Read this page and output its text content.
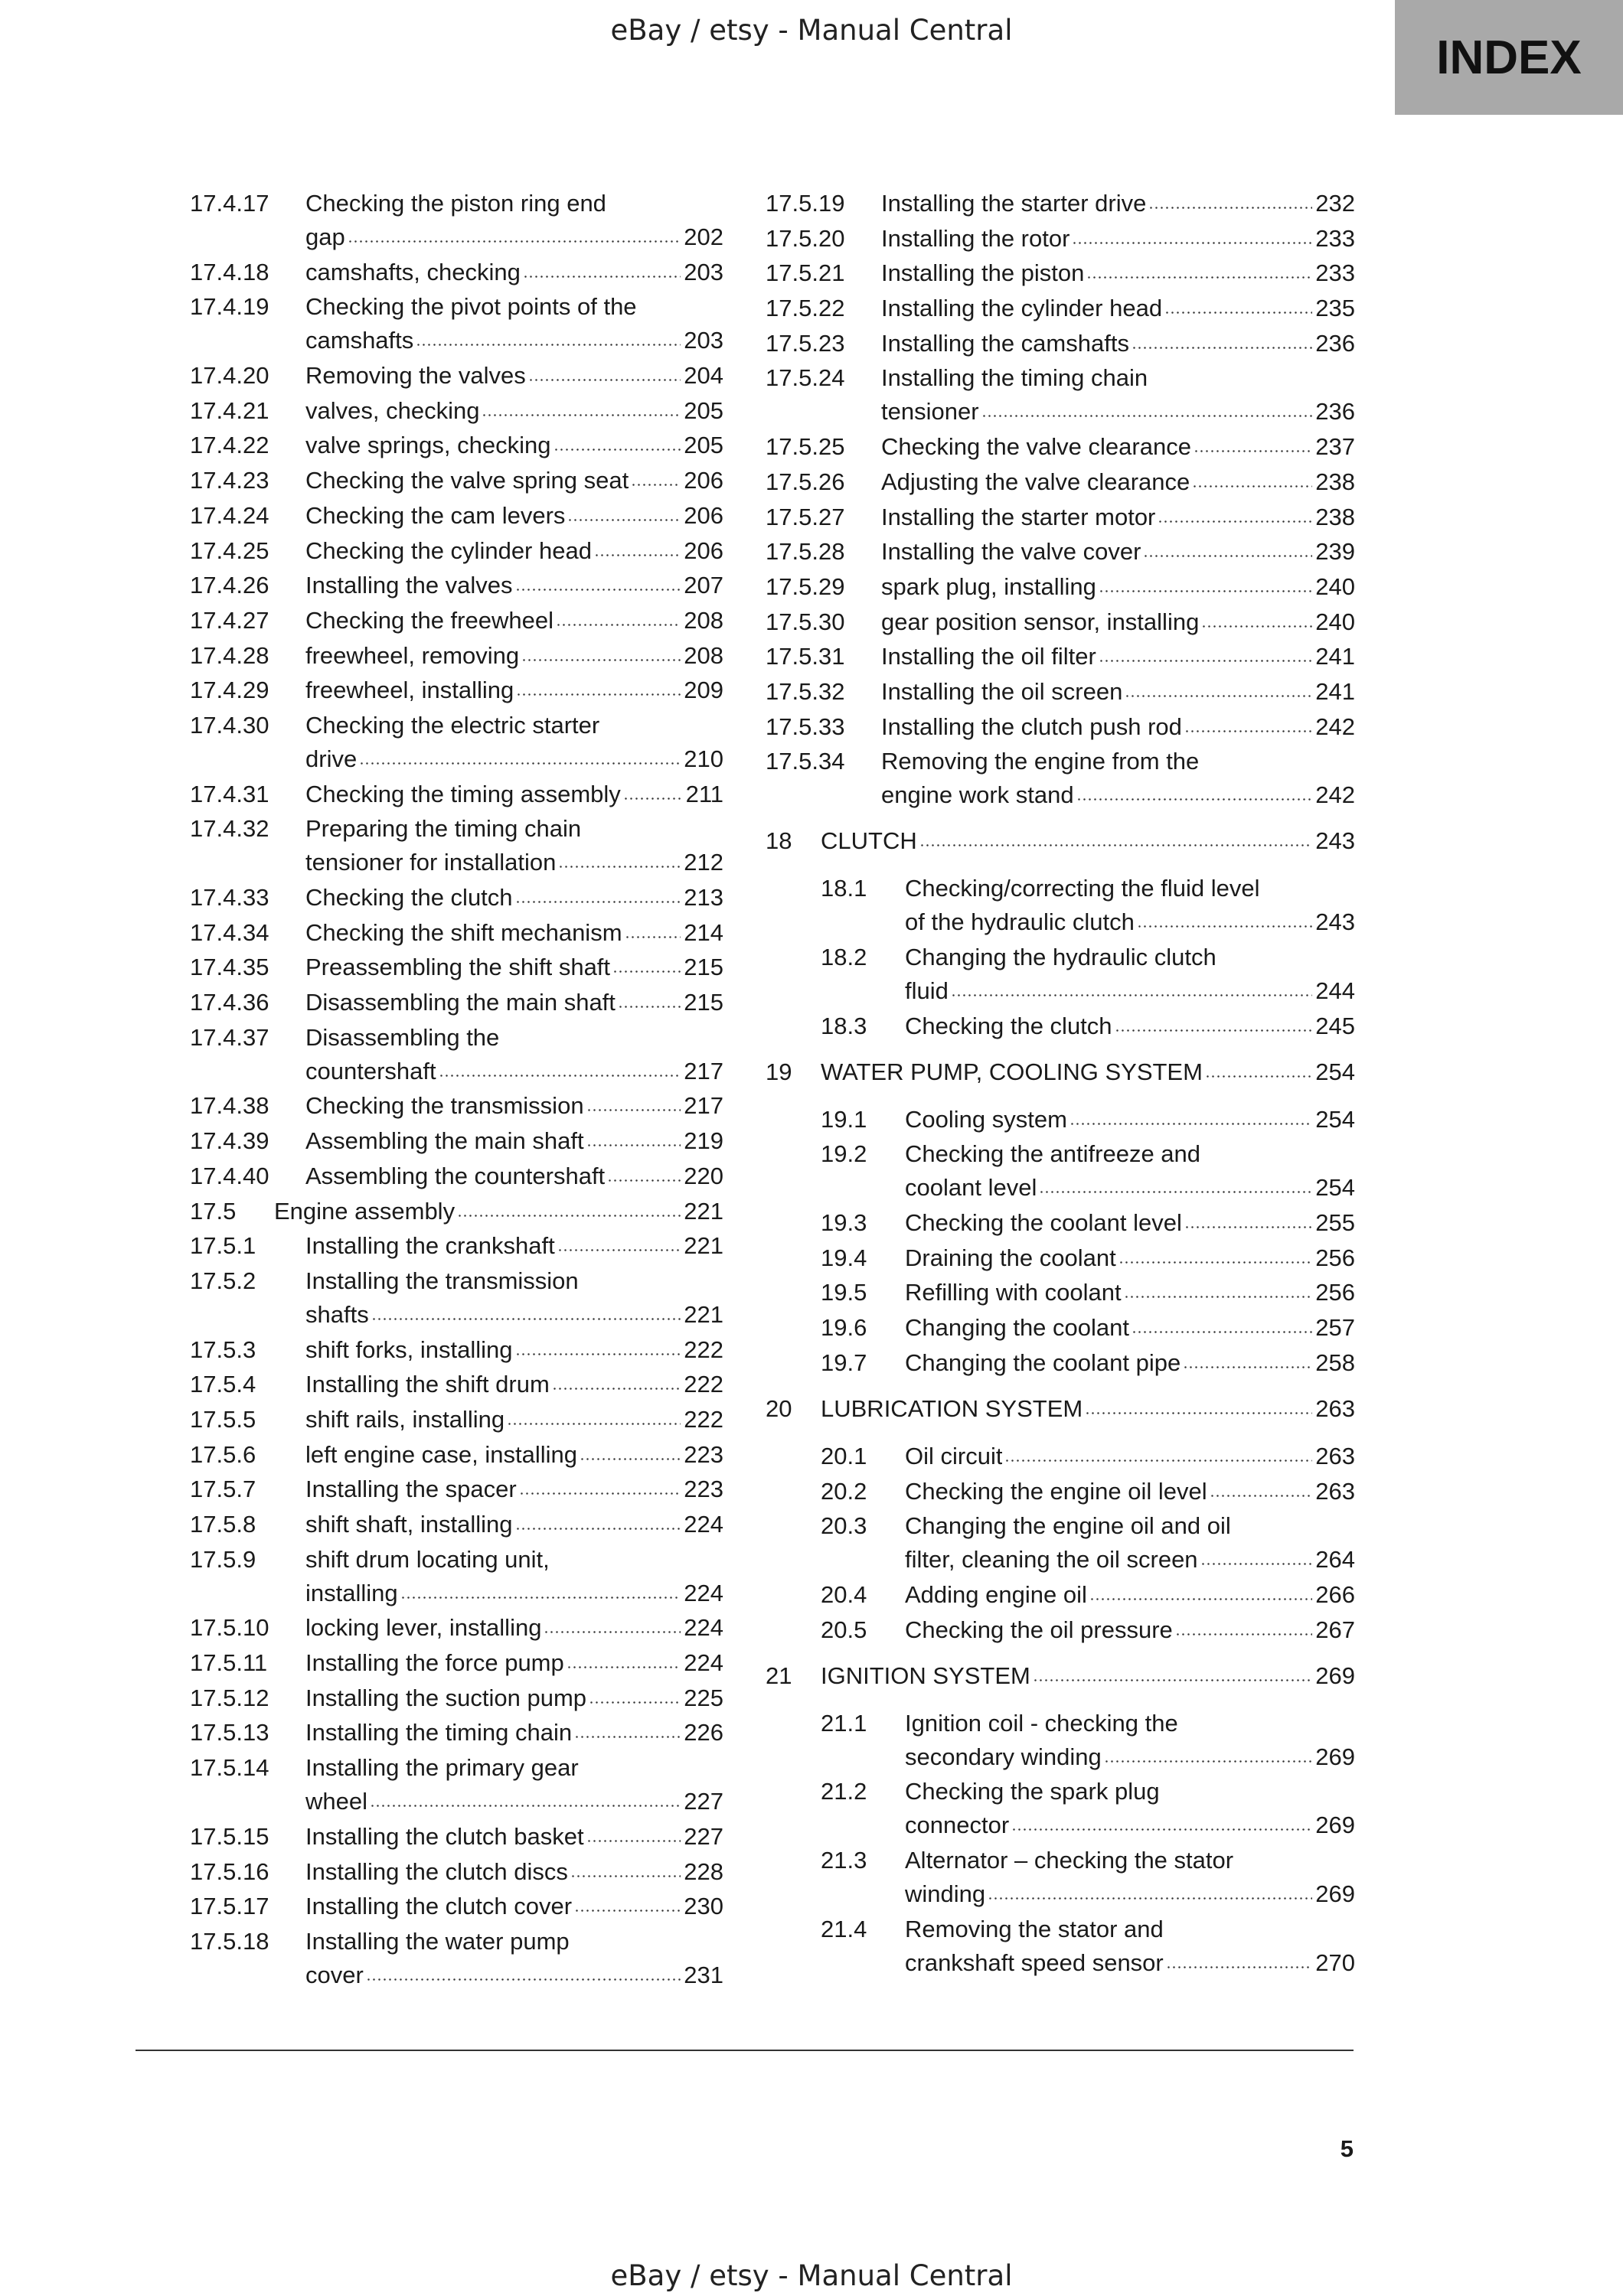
eBay / etsy - Manual Central
INDEX
17.4.17	Checking the piston ring end
gap	202
17.4.18	camshafts, checking	203
17.4.19	Checking the pivot points of the
camshafts	203
17.4.20	Removing the valves	204
17.4.21	valves, checking	205
17.4.22	valve springs, checking	205
17.4.23	Checking the valve spring seat 206
17.4.24	Checking the cam levers	206
17.4.25	Checking the cylinder head	206
17.4.26	Installing the valves	207
17.4.27	Checking the freewheel	208
17.4.28	freewheel, removing	208
17.4.29	freewheel, installing	209
17.4.30	Checking the electric starter
drive	210
17.4.31	Checking the timing assembly	211
17.4.32	Preparing the timing chain
tensioner for installation	212
17.4.33	Checking the clutch	213
17.4.34	Checking the shift mechanism	214
17.4.35	Preassembling the shift shaft	215
17.4.36	Disassembling the main shaft	215
17.4.37	Disassembling the
countershaft	217
17.4.38	Checking the transmission	217
17.4.39	Assembling the main shaft	219
17.4.40	Assembling the countershaft	220
17.5	Engine assembly	221
17.5.1	Installing the crankshaft	221
17.5.2	Installing the transmission
shafts	221
17.5.3	shift forks, installing	222
17.5.4	Installing the shift drum	222
17.5.5	shift rails, installing	222
17.5.6	left engine case, installing	223
17.5.7	Installing the spacer	223
17.5.8	shift shaft, installing	224
17.5.9	shift drum locating unit,
installing	224
17.5.10	locking lever, installing	224
17.5.11	Installing the force pump	224
17.5.12	Installing the suction pump	225
17.5.13	Installing the timing chain	226
17.5.14	Installing the primary gear
wheel	227
17.5.15	Installing the clutch basket	227
17.5.16	Installing the clutch discs	228
17.5.17	Installing the clutch cover	230
17.5.18	Installing the water pump
cover	231
17.5.19	Installing the starter drive	232
17.5.20	Installing the rotor	233
17.5.21	Installing the piston	233
17.5.22	Installing the cylinder head	235
17.5.23	Installing the camshafts	236
17.5.24	Installing the timing chain
tensioner	236
17.5.25	Checking the valve clearance	237
17.5.26	Adjusting the valve clearance	238
17.5.27	Installing the starter motor	238
17.5.28	Installing the valve cover	239
17.5.29	spark plug, installing	240
17.5.30	gear position sensor, installing	240
17.5.31	Installing the oil filter	241
17.5.32	Installing the oil screen	241
17.5.33	Installing the clutch push rod	242
17.5.34	Removing the engine from the
engine work stand	242
18	CLUTCH	243
18.1	Checking/correcting the fluid level
of the hydraulic clutch	243
18.2	Changing the hydraulic clutch
fluid	244
18.3	Checking the clutch	245
19	WATER PUMP, COOLING SYSTEM	254
19.1	Cooling system	254
19.2	Checking the antifreeze and
coolant level	254
19.3	Checking the coolant level	255
19.4	Draining the coolant	256
19.5	Refilling with coolant	256
19.6	Changing the coolant	257
19.7	Changing the coolant pipe	258
20	LUBRICATION SYSTEM	263
20.1	Oil circuit	263
20.2	Checking the engine oil level	263
20.3	Changing the engine oil and oil
filter, cleaning the oil screen	264
20.4	Adding engine oil	266
20.5	Checking the oil pressure	267
21	IGNITION SYSTEM	269
21.1	Ignition coil - checking the
secondary winding	269
21.2	Checking the spark plug
connector	269
21.3	Alternator – checking the stator
winding	269
21.4	Removing the stator and
crankshaft speed sensor	270
5
eBay / etsy - Manual Central
